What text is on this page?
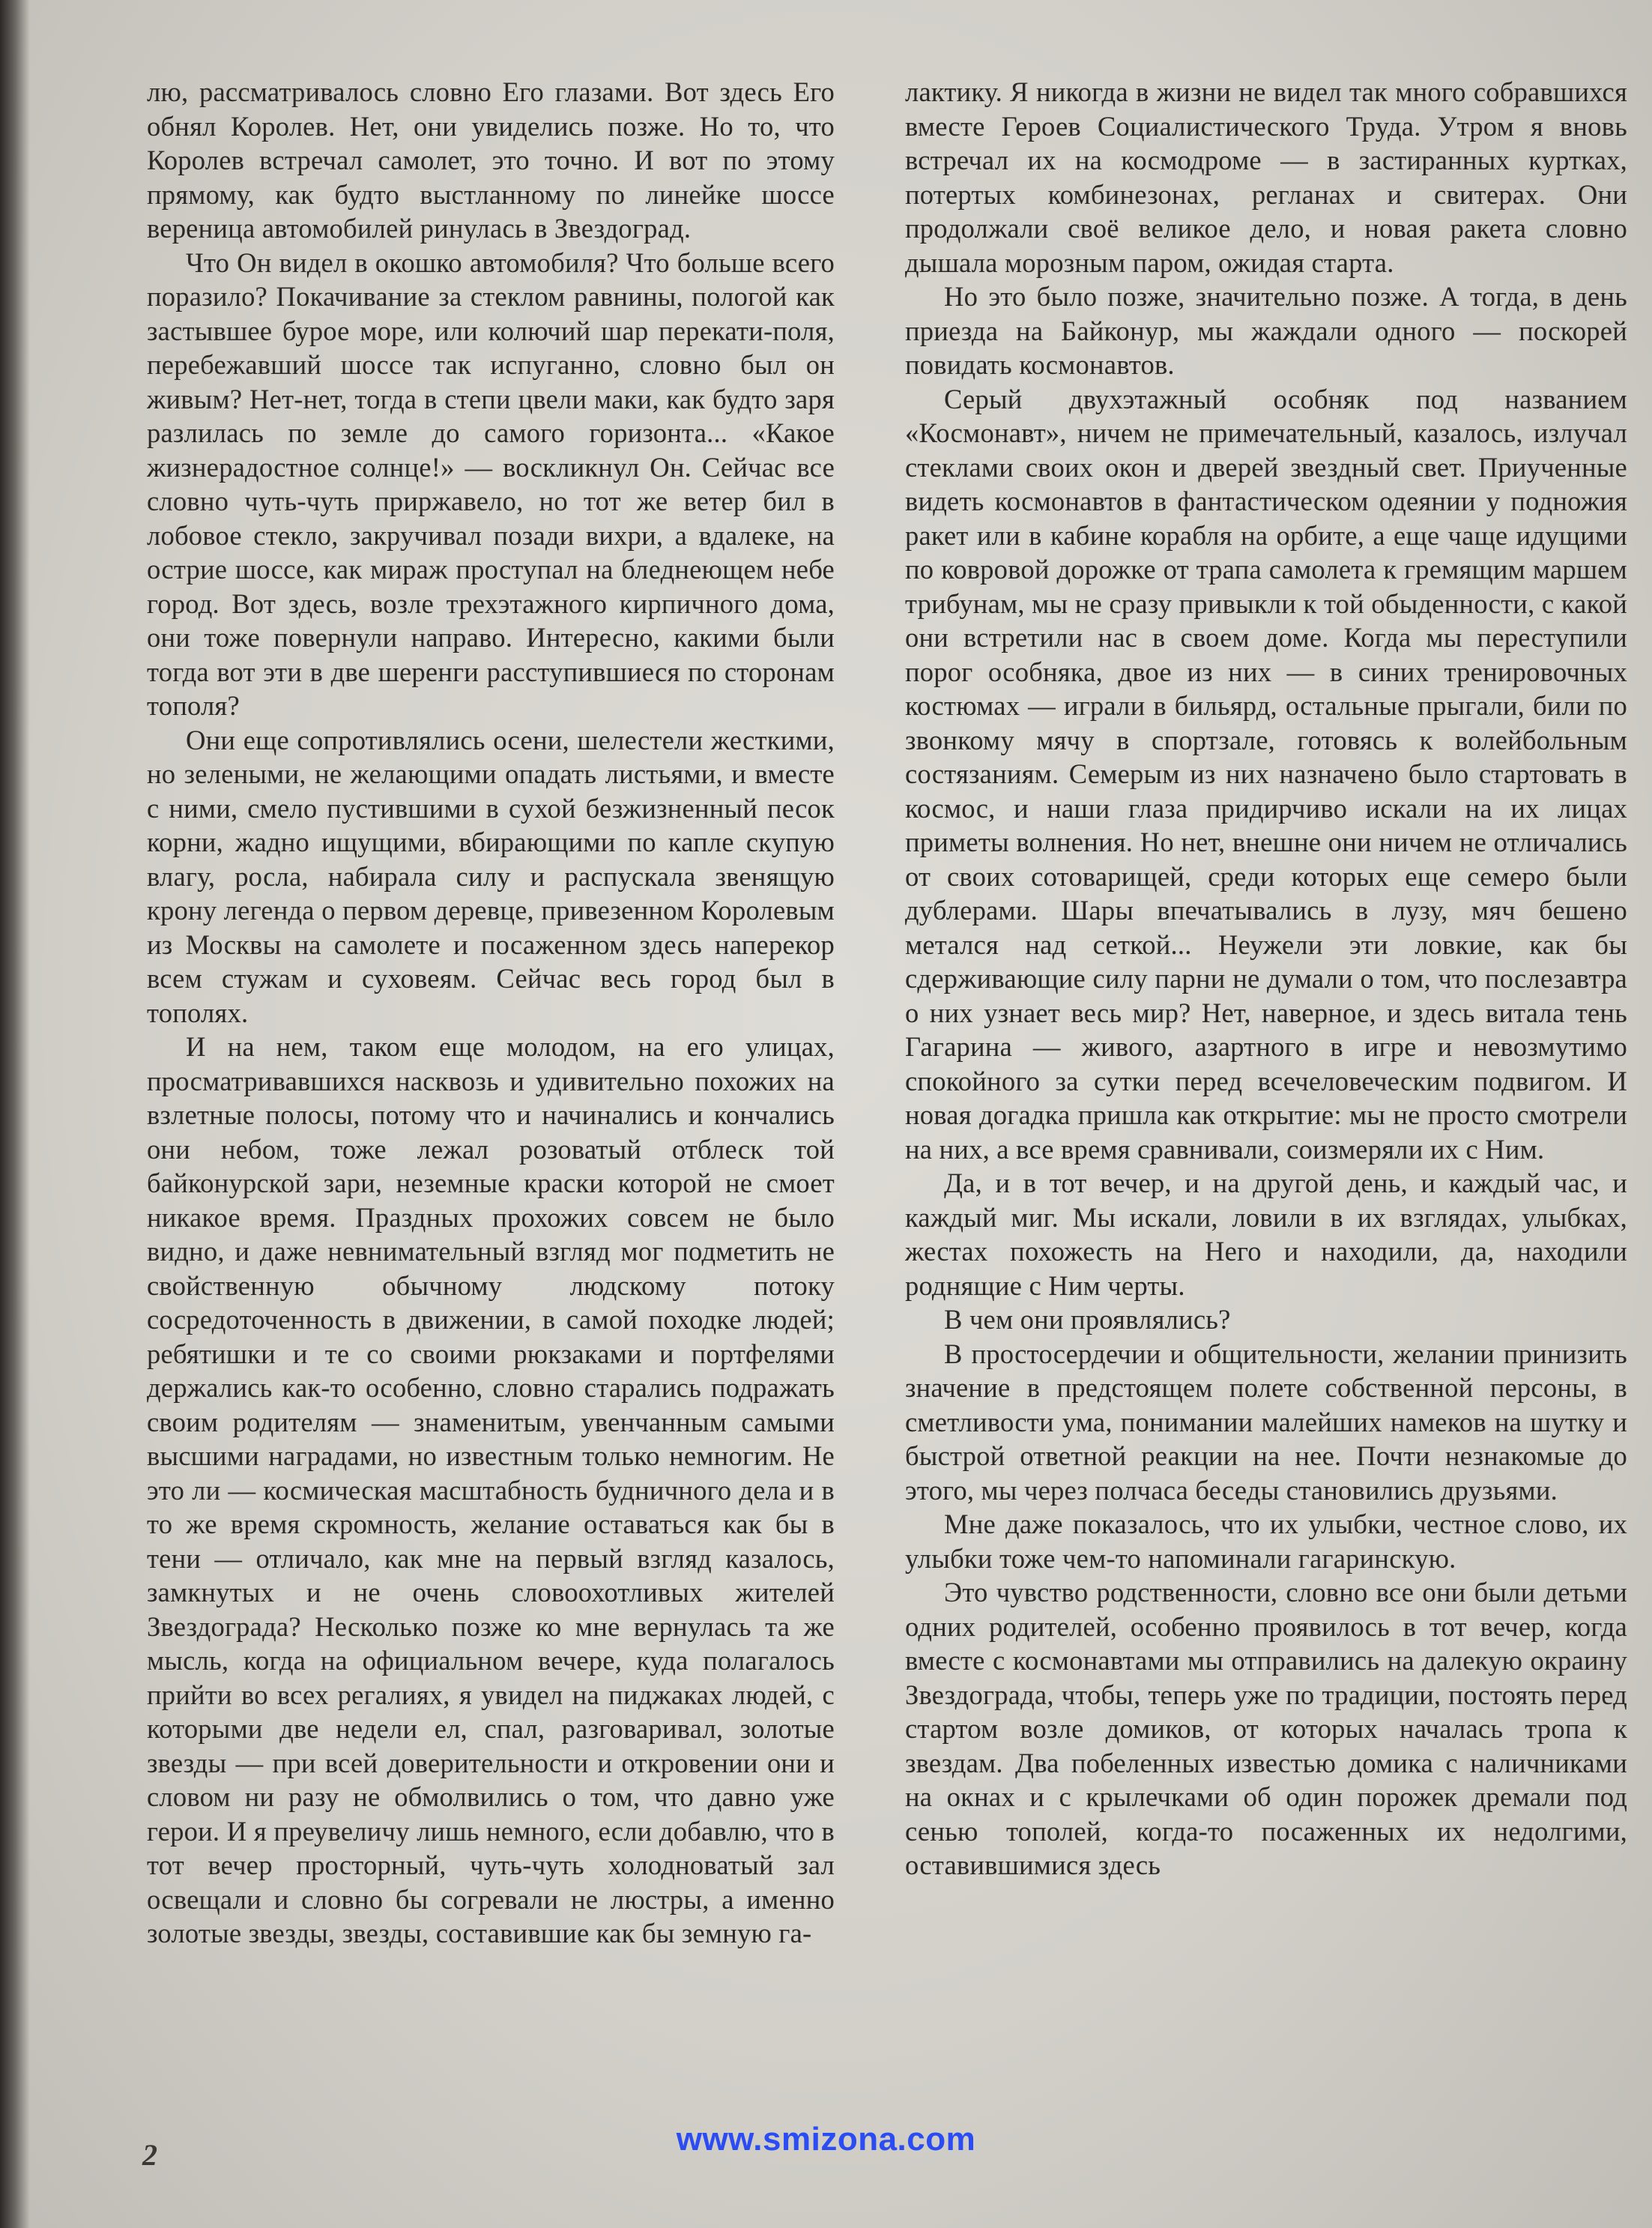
лю, рассматривалось словно Его глазами. Вот здесь Его обнял Королев. Нет, они увиделись позже. Но то, что Королев встречал самолет, это точно. И вот по этому прямому, как будто выстланному по линейке шоссе вереница автомобилей ринулась в Звездоград.

Что Он видел в окошко автомобиля? Что больше всего поразило? Покачивание за стеклом равнины, пологой как застывшее бурое море, или колючий шар перекати-поля, перебежавший шоссе так испуганно, словно был он живым? Нет-нет, тогда в степи цвели маки, как будто заря разлилась по земле до самого горизонта... «Какое жизнерадостное солнце!» — воскликнул Он. Сейчас все словно чуть-чуть приржавело, но тот же ветер бил в лобовое стекло, закручивал позади вихри, а вдалеке, на острие шоссе, как мираж проступал на бледнеющем небе город. Вот здесь, возле трехэтажного кирпичного дома, они тоже повернули направо. Интересно, какими были тогда вот эти в две шеренги расступившиеся по сторонам тополя?

Они еще сопротивлялись осени, шелестели жесткими, но зелеными, не желающими опадать листьями, и вместе с ними, смело пустившими в сухой безжизненный песок корни, жадно ищущими, вбирающими по капле скупую влагу, росла, набирала силу и распускала звенящую крону легенда о первом деревце, привезенном Королевым из Москвы на самолете и посаженном здесь наперекор всем стужам и суховеям. Сейчас весь город был в тополях.

И на нем, таком еще молодом, на его улицах, просматривавшихся насквозь и удивительно похожих на взлетные полосы, потому что и начинались и кончались они небом, тоже лежал розоватый отблеск той байконурской зари, неземные краски которой не смоет никакое время. Праздных прохожих совсем не было видно, и даже невнимательный взгляд мог подметить не свойственную обычному людскому потоку сосредоточенность в движении, в самой походке людей; ребятишки и те со своими рюкзаками и портфелями держались как-то особенно, словно старались подражать своим родителям — знаменитым, увенчанным самыми высшими наградами, но известным только немногим. Не это ли — космическая масштабность будничного дела и в то же время скромность, желание оставаться как бы в тени — отличало, как мне на первый взгляд казалось, замкнутых и не очень словоохотливых жителей Звездограда? Несколько позже ко мне вернулась та же мысль, когда на официальном вечере, куда полагалось прийти во всех регалиях, я увидел на пиджаках людей, с которыми две недели ел, спал, разговаривал, золотые звезды — при всей доверительности и откровении они и словом ни разу не обмолвились о том, что давно уже герои. И я преувеличу лишь немного, если добавлю, что в тот вечер просторный, чуть-чуть холодноватый зал освещали и словно бы согревали не люстры, а именно золотые звезды, звезды, составившие как бы земную га-

лактику. Я никогда в жизни не видел так много собравшихся вместе Героев Социалистического Труда. Утром я вновь встречал их на космодроме — в застиранных куртках, потертых комбинезонах, регланах и свитерах. Они продолжали своё великое дело, и новая ракета словно дышала морозным паром, ожидая старта.

Но это было позже, значительно позже. А тогда, в день приезда на Байконур, мы жаждали одного — поскорей повидать космонавтов.

Серый двухэтажный особняк под названием «Космонавт», ничем не примечательный, казалось, излучал стеклами своих окон и дверей звездный свет. Приученные видеть космонавтов в фантастическом одеянии у подножия ракет или в кабине корабля на орбите, а еще чаще идущими по ковровой дорожке от трапа самолета к гремящим маршем трибунам, мы не сразу привыкли к той обыденности, с какой они встретили нас в своем доме. Когда мы переступили порог особняка, двое из них — в синих тренировочных костюмах — играли в бильярд, остальные прыгали, били по звонкому мячу в спортзале, готовясь к волейбольным состязаниям. Семерым из них назначено было стартовать в космос, и наши глаза придирчиво искали на их лицах приметы волнения. Но нет, внешне они ничем не отличались от своих сотоварищей, среди которых еще семеро были дублерами. Шары впечатывались в лузу, мяч бешено метался над сеткой... Неужели эти ловкие, как бы сдерживающие силу парни не думали о том, что послезавтра о них узнает весь мир? Нет, наверное, и здесь витала тень Гагарина — живого, азартного в игре и невозмутимо спокойного за сутки перед всечеловеческим подвигом. И новая догадка пришла как открытие: мы не просто смотрели на них, а все время сравнивали, соизмеряли их с Ним.

Да, и в тот вечер, и на другой день, и каждый час, и каждый миг. Мы искали, ловили в их взглядах, улыбках, жестах похожесть на Него и находили, да, находили роднящие с Ним черты.

В чем они проявлялись?

В простосердечии и общительности, желании принизить значение в предстоящем полете собственной персоны, в сметливости ума, понимании малейших намеков на шутку и быстрой ответной реакции на нее. Почти незнакомые до этого, мы через полчаса беседы становились друзьями.

Мне даже показалось, что их улыбки, честное слово, их улыбки тоже чем-то напоминали гагаринскую.

Это чувство родственности, словно все они были детьми одних родителей, особенно проявилось в тот вечер, когда вместе с космонавтами мы отправились на далекую окраину Звездограда, чтобы, теперь уже по традиции, постоять перед стартом возле домиков, от которых началась тропа к звездам. Два побеленных известью домика с наличниками на окнах и с крылечками об один порожек дремали под сенью тополей, когда-то посаженных их недолгими, оставившимися здесь

2	www.smizona.com
